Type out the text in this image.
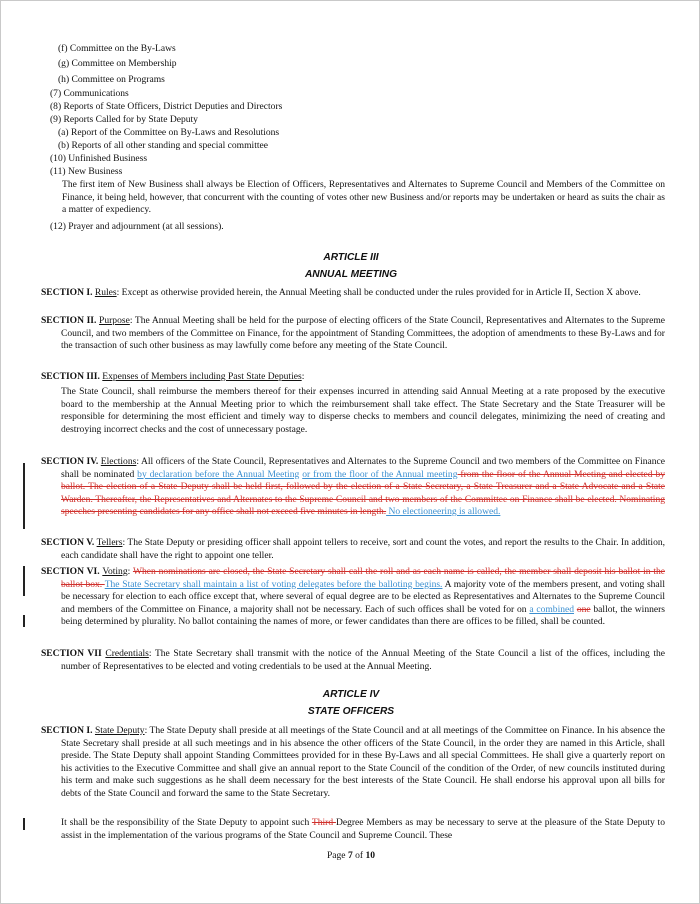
(f) Committee on the By-Laws
(g) Committee on Membership
(h) Committee on Programs
(7) Communications
(8) Reports of State Officers, District Deputies and Directors
(9) Reports Called for by State Deputy
(a) Report of the Committee on By-Laws and Resolutions
(b) Reports of all other standing and special committee
(10) Unfinished Business
(11) New Business
The first item of New Business shall always be Election of Officers, Representatives and Alternates to Supreme Council and Members of the Committee on Finance, it being held, however, that concurrent with the counting of votes other new Business and/or reports may be undertaken or heard as suits the chair as a matter of expediency.
(12) Prayer and adjournment (at all sessions).
ARTICLE III
ANNUAL MEETING
SECTION I. Rules: Except as otherwise provided herein, the Annual Meeting shall be conducted under the rules provided for in Article II, Section X above.
SECTION II. Purpose: The Annual Meeting shall be held for the purpose of electing officers of the State Council, Representatives and Alternates to the Supreme Council, and two members of the Committee on Finance, for the appointment of Standing Committees, the adoption of amendments to these By-Laws and for the transaction of such other business as may lawfully come before any meeting of the State Council.
SECTION III. Expenses of Members including Past State Deputies:
The State Council, shall reimburse the members thereof for their expenses incurred in attending said Annual Meeting at a rate proposed by the executive board to the membership at the Annual Meeting prior to which the reimbursement shall take effect. The State Secretary and the State Treasurer will be responsible for determining the most efficient and timely way to disperse checks to members and council delegates, minimizing the need of creating and destroying incorrect checks and the cost of unnecessary postage.
SECTION IV. Elections: All officers of the State Council, Representatives and Alternates to the Supreme Council and two members of the Committee on Finance shall be nominated by declaration before the Annual Meeting or from the floor of the Annual meeting from the floor of the Annual Meeting and elected by ballot. The election of a State Deputy shall be held first, followed by the election of a State Secretary, a State Treasurer and a State Advocate and a State Warden. Thereafter, the Representatives and Alternates to the Supreme Council and two members of the Committee on Finance shall be elected. Nominating speeches presenting candidates for any office shall not exceed five minutes in length. No electioneering is allowed.
SECTION V. Tellers: The State Deputy or presiding officer shall appoint tellers to receive, sort and count the votes, and report the results to the Chair. In addition, each candidate shall have the right to appoint one teller.
SECTION VI. Voting: When nominations are closed, the State Secretary shall call the roll and as each name is called, the member shall deposit his ballot in the ballot box. The State Secretary shall maintain a list of voting delegates before the balloting begins. A majority vote of the members present, and voting shall be necessary for election to each office except that, where several of equal degree are to be elected as Representatives and Alternates to the Supreme Council and members of the Committee on Finance, a majority shall not be necessary. Each of such offices shall be voted for on a combined one ballot, the winners being determined by plurality. No ballot containing the names of more, or fewer candidates than there are offices to be filled, shall be counted.
SECTION VII Credentials: The State Secretary shall transmit with the notice of the Annual Meeting of the State Council a list of the offices, including the number of Representatives to be elected and voting credentials to be used at the Annual Meeting.
ARTICLE IV
STATE OFFICERS
SECTION I. State Deputy: The State Deputy shall preside at all meetings of the State Council and at all meetings of the Committee on Finance. In his absence the State Secretary shall preside at all such meetings and in his absence the other officers of the State Council, in the order they are named in this Article, shall preside. The State Deputy shall appoint Standing Committees provided for in these By-Laws and all special Committees. He shall give a quarterly report on his activities to the Executive Committee and shall give an annual report to the State Council of the condition of the Order, of new councils instituted during his term and make such suggestions as he shall deem necessary for the best interests of the State Council. He shall endorse his approval upon all bills for debts of the State Council and forward the same to the State Secretary.
It shall be the responsibility of the State Deputy to appoint such Third Degree Members as may be necessary to serve at the pleasure of the State Deputy to assist in the implementation of the various programs of the State Council and Supreme Council. These
Page 7 of 10
